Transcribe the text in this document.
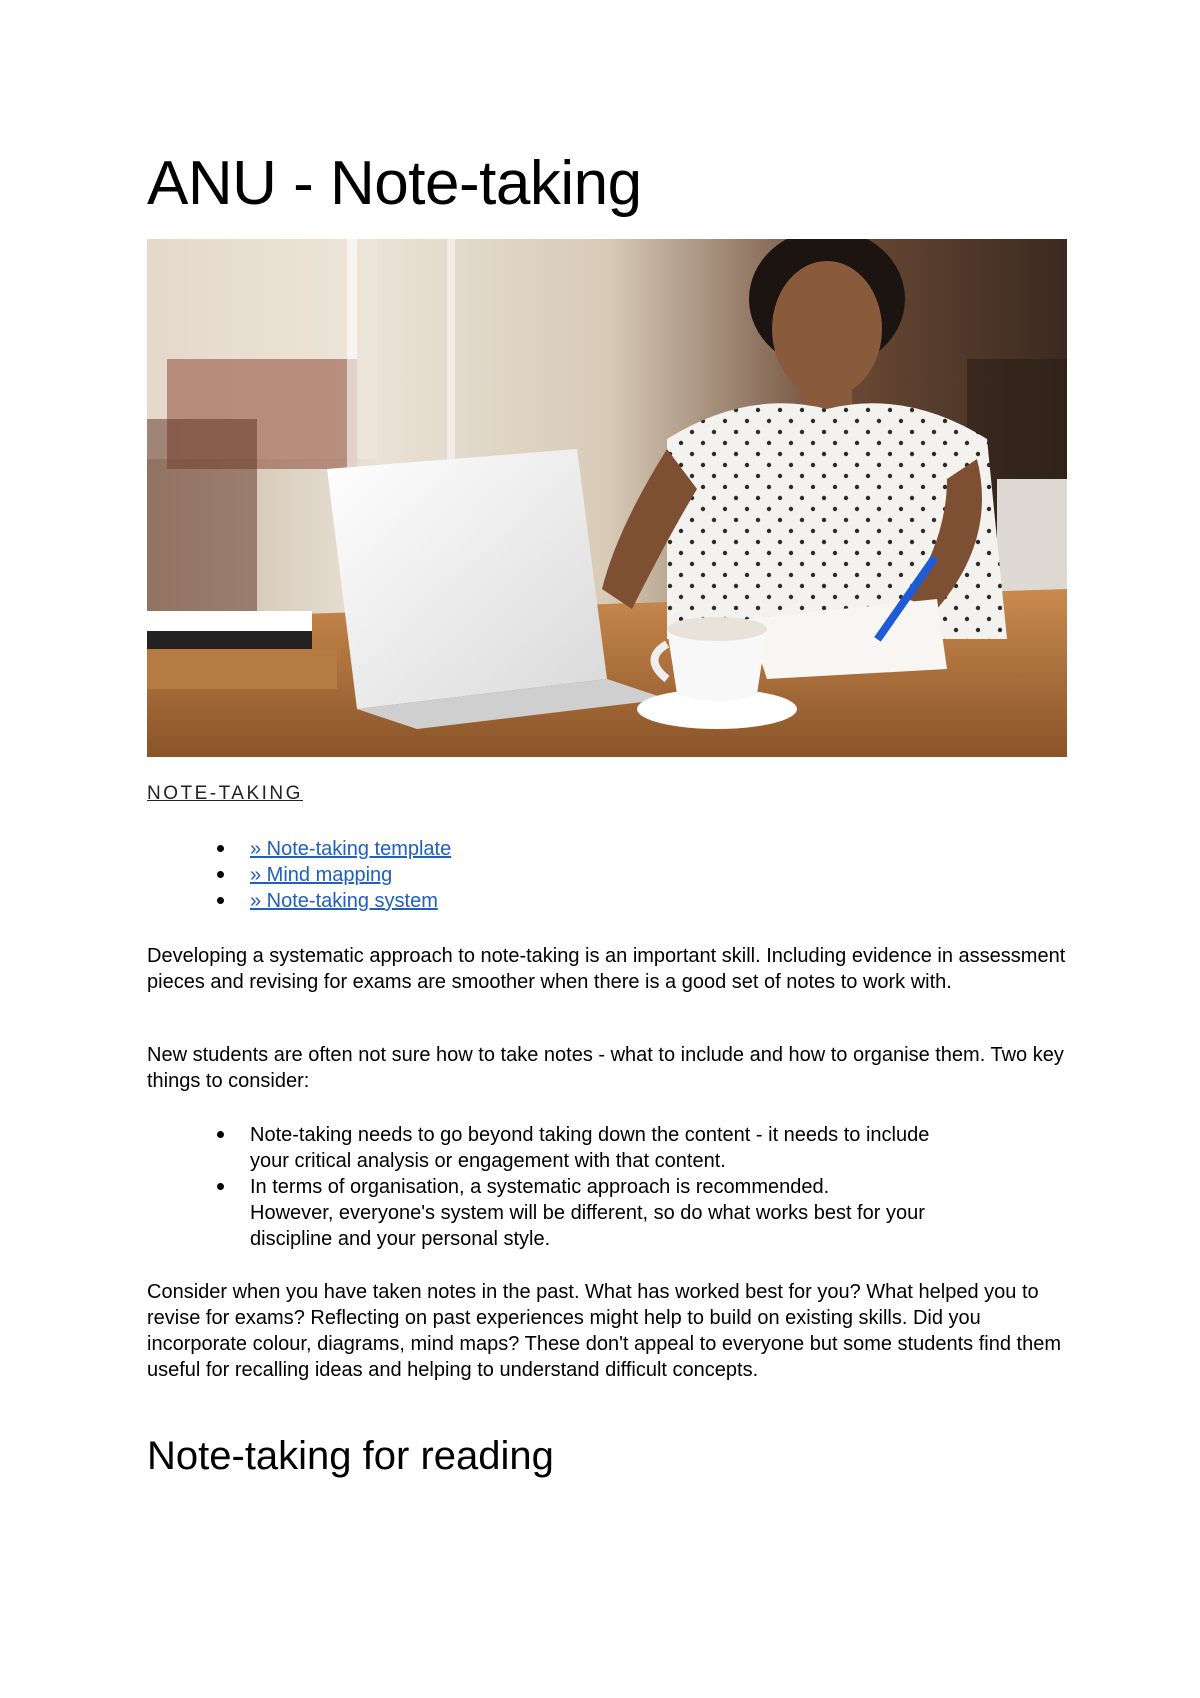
ANU - Note-taking
NOTE-TAKING
» Note-taking template
» Mind mapping
» Note-taking system

Developing a systematic approach to note-taking is an important skill. Including evidence in assessment pieces and revising for exams are smoother when there is a good set of notes to work with.

New students are often not sure how to take notes - what to include and how to organise them. Two key things to consider:

Note-taking needs to go beyond taking down the content - it needs to include
your critical analysis or engagement with that content.
In terms of organisation, a systematic approach is recommended.
However, everyone's system will be different, so do what works best for your
discipline and your personal style.

Consider when you have taken notes in the past. What has worked best for you? What helped you to revise for exams? Reflecting on past experiences might help to build on existing skills. Did you incorporate colour, diagrams, mind maps? These don't appeal to everyone but some students find them useful for recalling ideas and helping to understand difficult concepts.

Note-taking for reading
